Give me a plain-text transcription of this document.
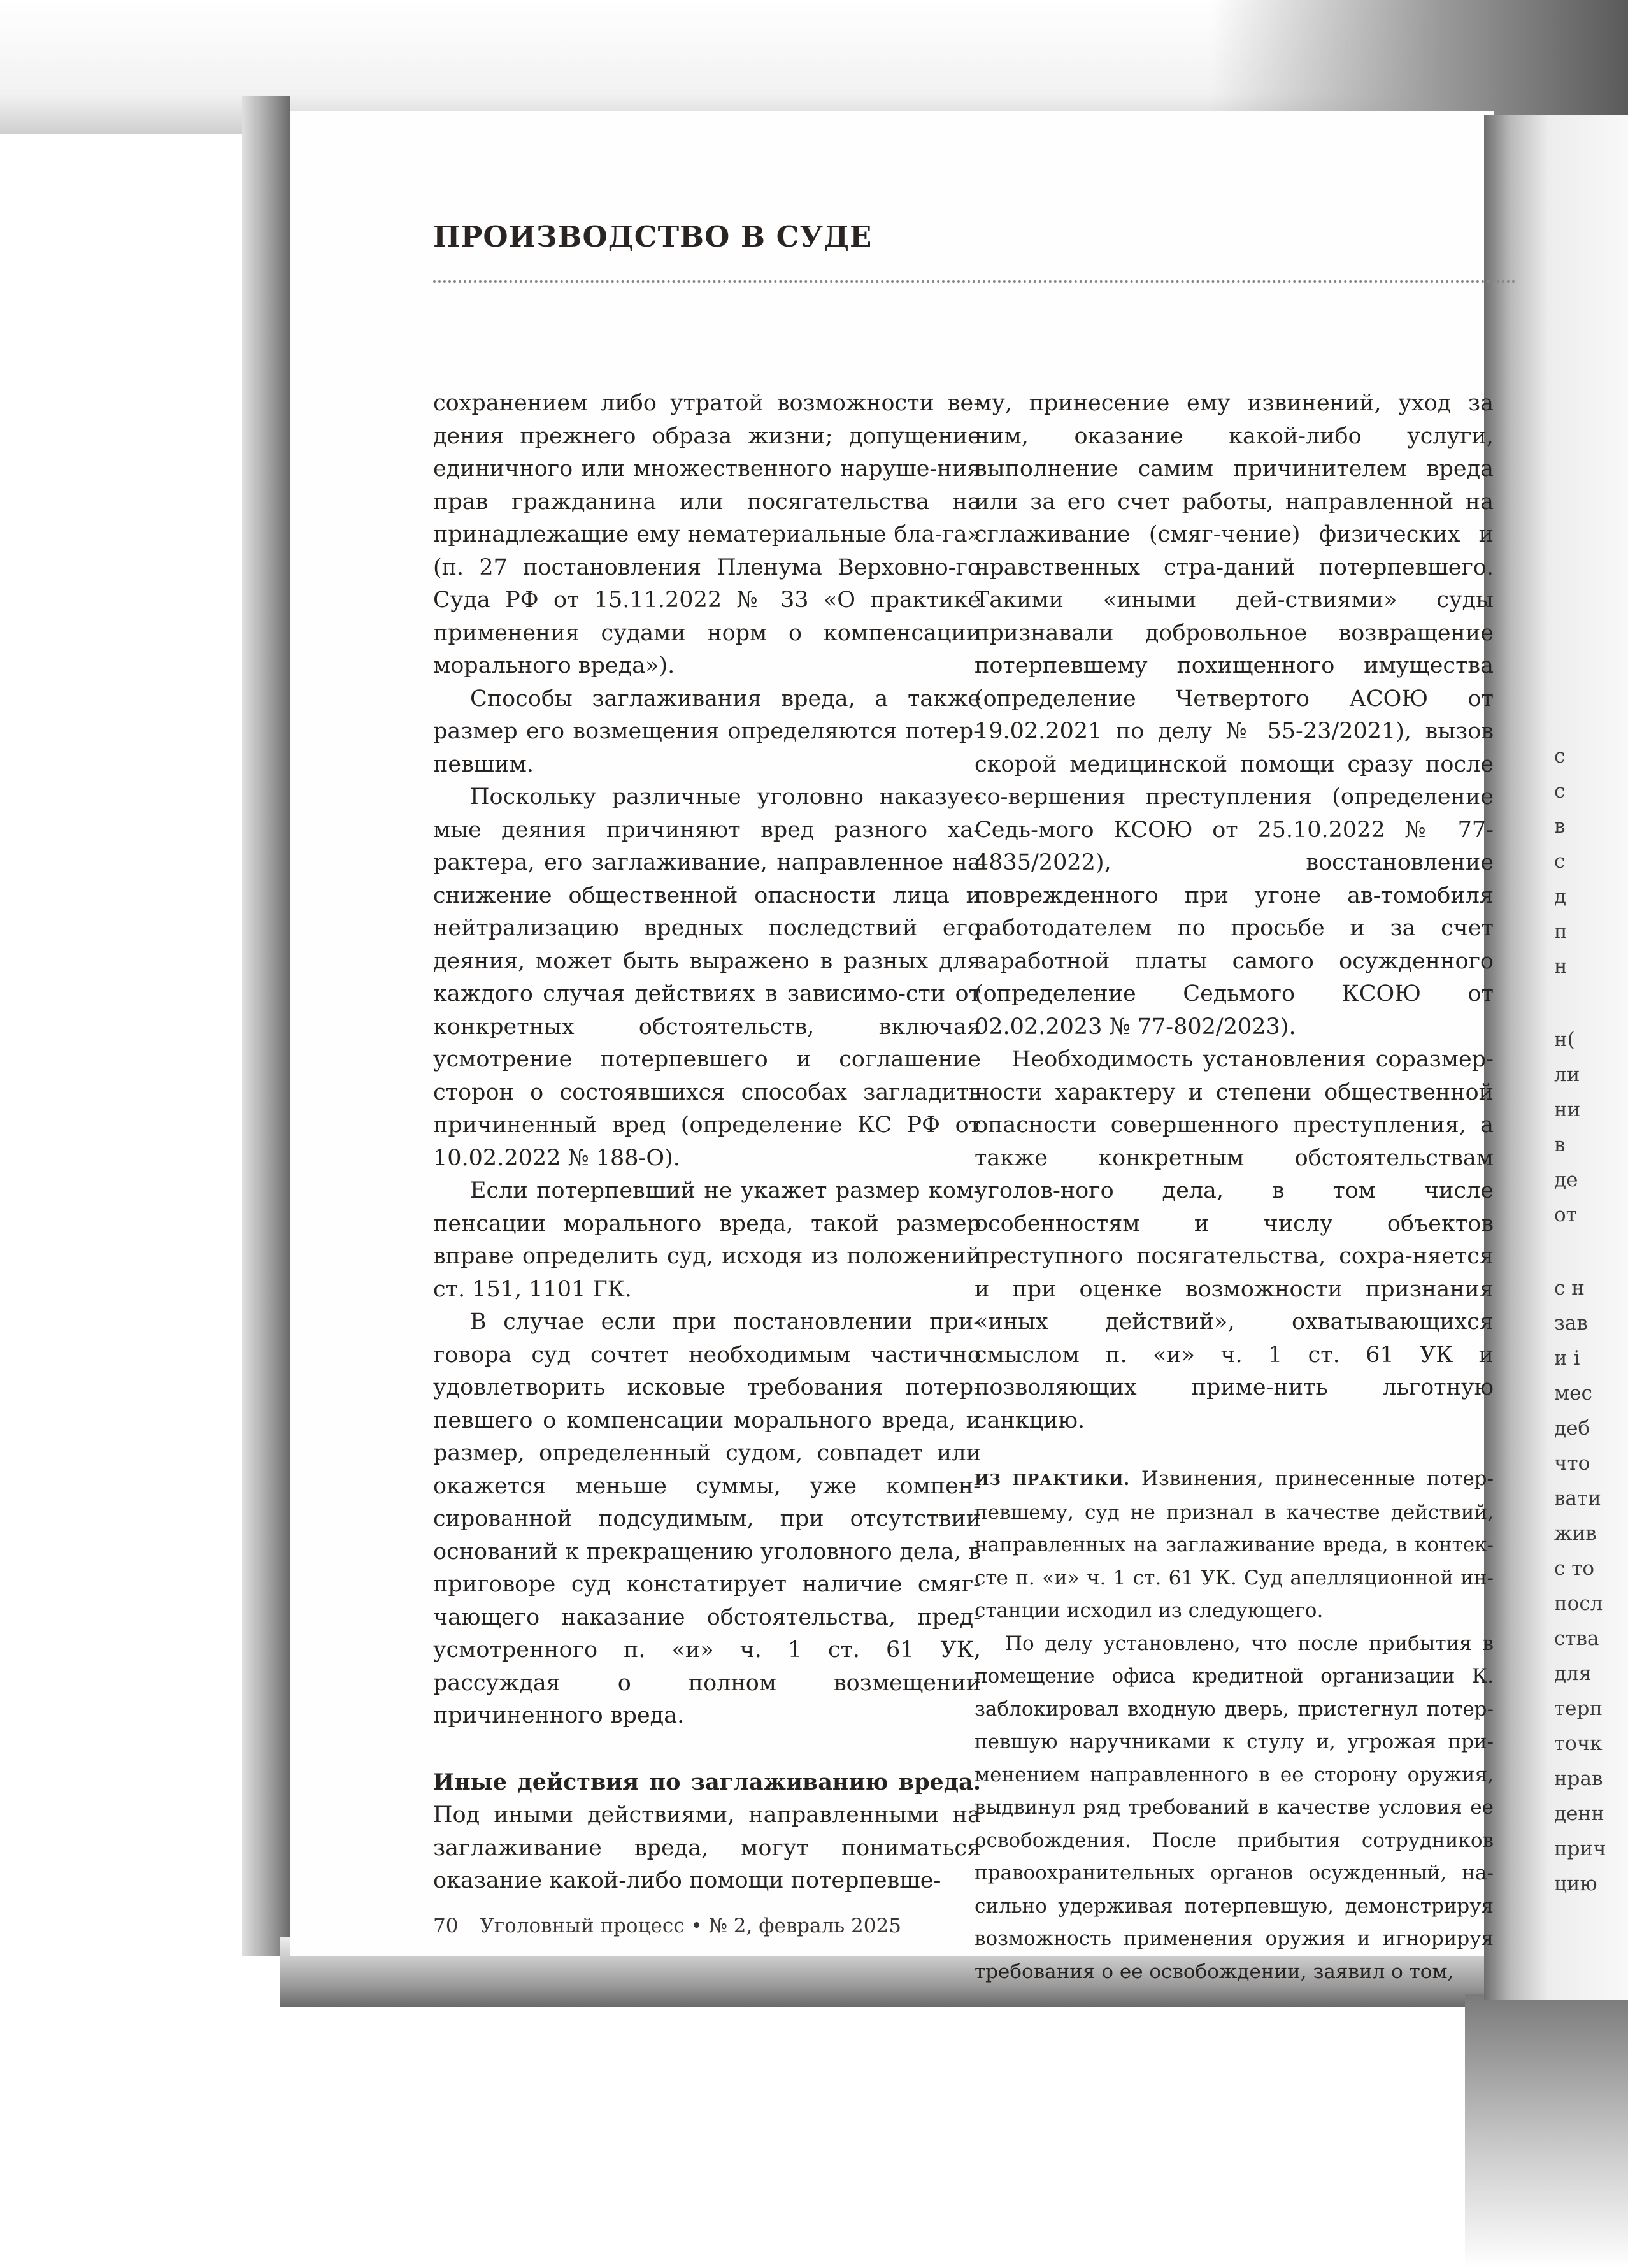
с
с
в
с
д
п
н
н(
ли
ни
в
де
от
с н
зав
и і
мес
деб
что
вати
жив
с то
посл
ства
для
терп
точк
нрав
денн
прич
цию
ПРОИЗВОДСТВО В СУДЕ

сохранением либо утратой возможности ве-дения прежнего образа жизни; допущение единичного или множественного наруше-ния прав гражданина или посягательства на принадлежащие ему нематериальные бла-га» (п. 27 постановления Пленума Верховно-го Суда РФ от 15.11.2022 № 33 «О практике применения судами норм о компенсации морального вреда»).

Способы заглаживания вреда, а также размер его возмещения определяются потер-певшим.

Поскольку различные уголовно наказуе-мые деяния причиняют вред разного ха-рактера, его заглаживание, направленное на снижение общественной опасности лица и нейтрализацию вредных последствий его деяния, может быть выражено в разных для каждого случая действиях в зависимо-сти от конкретных обстоятельств, включая усмотрение потерпевшего и соглашение сторон о состоявшихся способах загладить причиненный вред (определение КС РФ от 10.02.2022 № 188-О).

Если потерпевший не укажет размер ком-пенсации морального вреда, такой размер вправе определить суд, исходя из положений ст. 151, 1101 ГК.

В случае если при постановлении при-говора суд сочтет необходимым частично удовлетворить исковые требования потер-певшего о компенсации морального вреда, и размер, определенный судом, совпадет или окажется меньше суммы, уже компен-сированной подсудимым, при отсутствии оснований к прекращению уголовного дела, в приговоре суд констатирует наличие смяг-чающего наказание обстоятельства, пред-усмотренного п. «и» ч. 1 ст. 61 УК, рассуждая о полном возмещении причиненного вреда.

Иные действия по заглаживанию вреда. Под иными действиями, направленными на заглаживание вреда, могут пониматься оказание какой-либо помощи потерпевше-

му, принесение ему извинений, уход за ним, оказание какой-либо услуги, выполнение самим причинителем вреда или за его счет работы, направленной на сглаживание (смяг-чение) физических и нравственных стра-даний потерпевшего. Такими «иными дей-ствиями» суды признавали добровольное возвращение потерпевшему похищенного имущества (определение Четвертого АСОЮ от 19.02.2021 по делу № 55-23/2021), вызов скорой медицинской помощи сразу после со-вершения преступления (определение Седь-мого КСОЮ от 25.10.2022 № 77-4835/2022), восстановление поврежденного при угоне ав-томобиля работодателем по просьбе и за счет заработной платы самого осужденного (определение Седьмого КСОЮ от 02.02.2023 № 77-802/2023).

Необходимость установления соразмер-ности характеру и степени общественной опасности совершенного преступления, а также конкретным обстоятельствам уголов-ного дела, в том числе особенностям и числу объектов преступного посягательства, сохра-няется и при оценке возможности признания «иных действий», охватывающихся смыслом п. «и» ч. 1 ст. 61 УК и позволяющих приме-нить льготную санкцию.

ИЗ ПРАКТИКИ. Извинения, принесенные потер-певшему, суд не признал в качестве действий, направленных на заглаживание вреда, в контек-сте п. «и» ч. 1 ст. 61 УК. Суд апелляционной ин-станции исходил из следующего.

По делу установлено, что после прибытия в помещение офиса кредитной организации К. заблокировал входную дверь, пристегнул потер-певшую наручниками к стулу и, угрожая при-менением направленного в ее сторону оружия, выдвинул ряд требований в качестве условия ее освобождения. После прибытия сотрудников правоохранительных органов осужденный, на-сильно удерживая потерпевшую, демонстрируя возможность применения оружия и игнорируя требования о ее освобождении, заявил о том,

70 Уголовный процесс • № 2, февраль 2025
